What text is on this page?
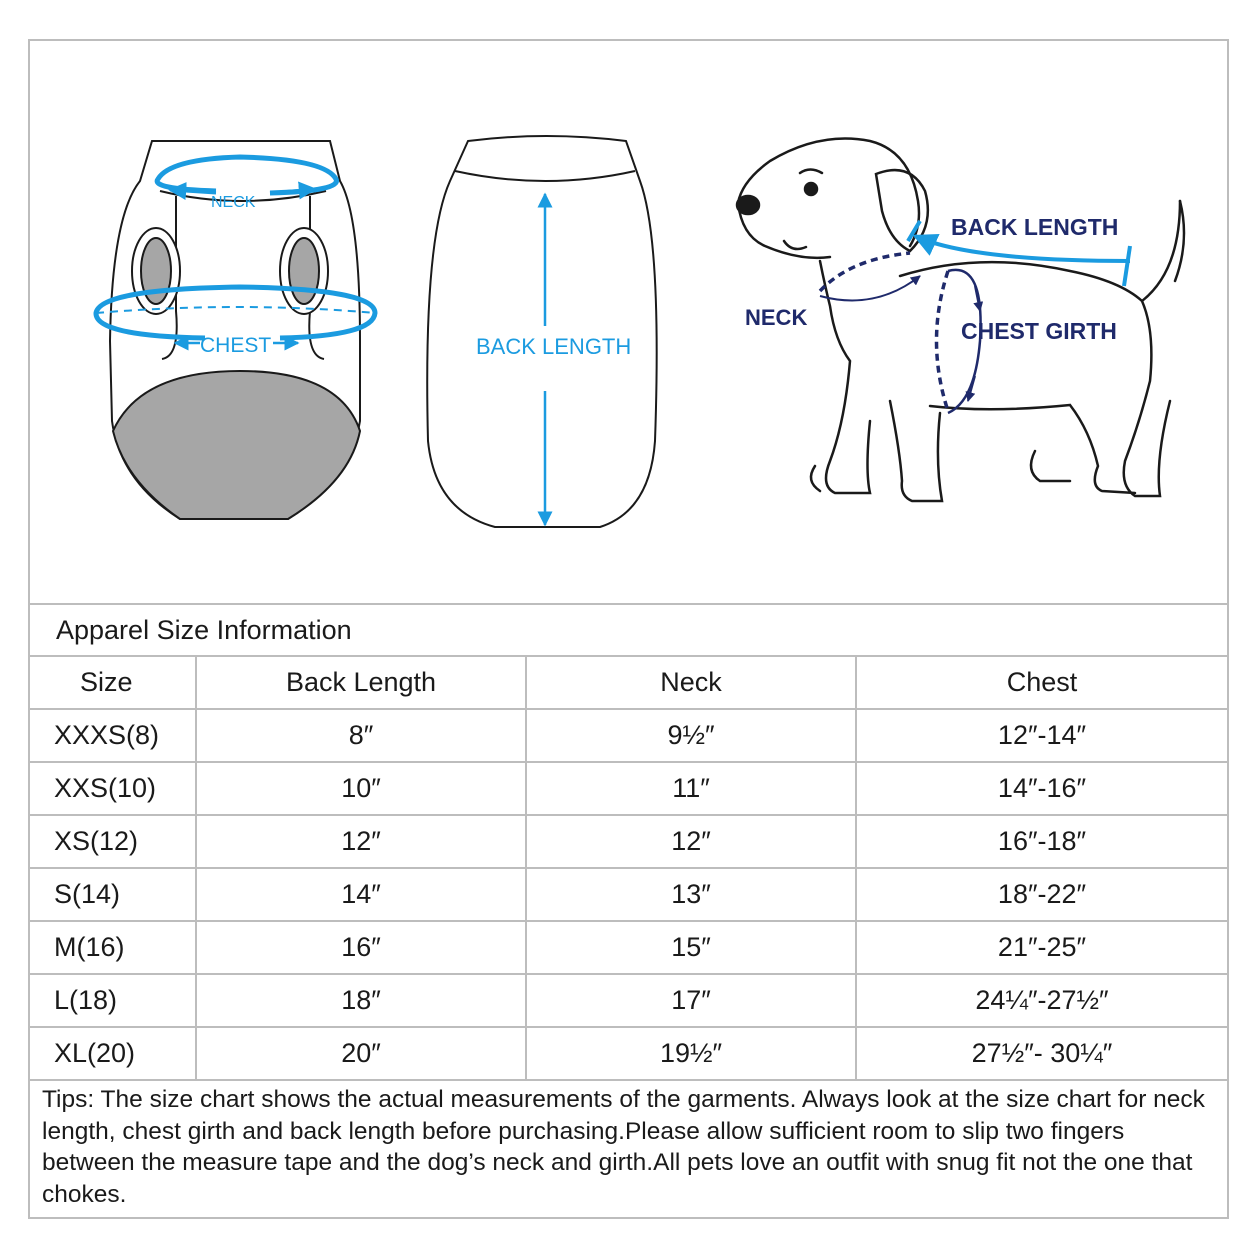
NECK
CHEST	BACK LENGTH
BACK LENGTH
NECK
CHEST GIRTH
Apparel Size Information			
Size	Back Length	Neck	Chest
XXXS(8)	8″	9½″	12″-14″
XXS(10)	10″	11″	14″-16″
XS(12)	12″	12″	16″-18″
S(14)	14″	13″	18″-22″
M(16)	16″	15″	21″-25″
L(18)	18″	17″	24¼″-27½″
XL(20)	20″	19½″	27½″- 30¼″
Tips: The size chart shows the actual measurements of the garments. Always look at the size chart for neck length, chest girth and back length before purchasing.Please allow sufficient room to slip two fingers between the measure tape and the dog’s neck and girth.All pets love an outfit with snug fit not the one that chokes.
